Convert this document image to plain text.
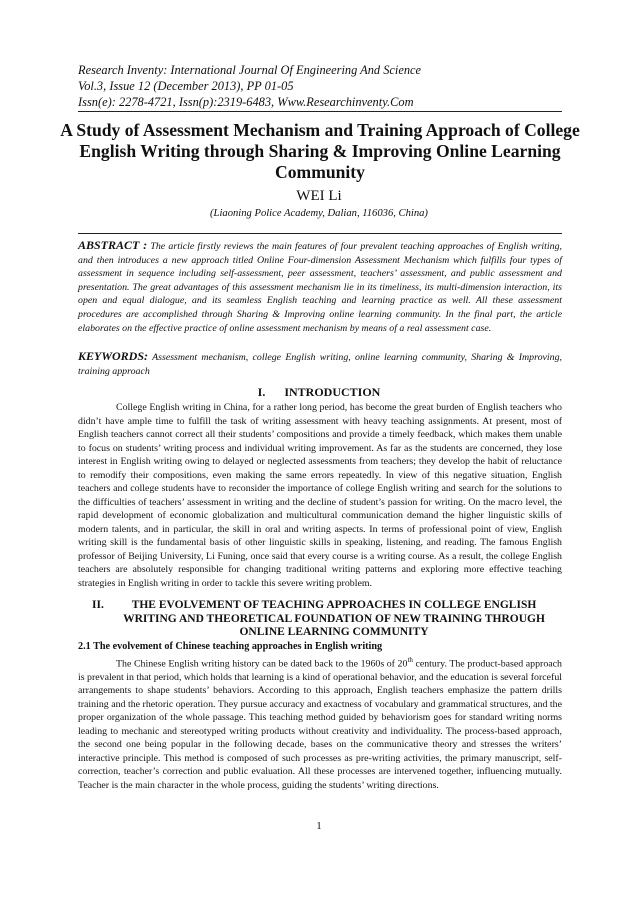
Research Inventy: International Journal Of Engineering And Science
Vol.3, Issue 12 (December 2013), PP 01-05
Issn(e): 2278-4721, Issn(p):2319-6483, Www.Researchinventy.Com
A Study of Assessment Mechanism and Training Approach of College English Writing through Sharing & Improving Online Learning Community
WEI Li
(Liaoning Police Academy, Dalian, 116036, China)
ABSTRACT : The article firstly reviews the main features of four prevalent teaching approaches of English writing, and then introduces a new approach titled Online Four-dimension Assessment Mechanism which fulfills four types of assessment in sequence including self-assessment, peer assessment, teachers’ assessment, and public assessment and presentation. The great advantages of this assessment mechanism lie in its timeliness, its multi-dimension interaction, its open and equal dialogue, and its seamless English teaching and learning practice as well. All these assessment procedures are accomplished through Sharing & Improving online learning community. In the final part, the article elaborates on the effective practice of online assessment mechanism by means of a real assessment case.
KEYWORDS: Assessment mechanism, college English writing, online learning community, Sharing & Improving, training approach
I. INTRODUCTION
College English writing in China, for a rather long period, has become the great burden of English teachers who didn’t have ample time to fulfill the task of writing assessment with heavy teaching assignments. At present, most of English teachers cannot correct all their students’ compositions and provide a timely feedback, which makes them unable to focus on students’ writing process and individual writing improvement. As far as the students are concerned, they lose interest in English writing owing to delayed or neglected assessments from teachers; they develop the habit of reluctance to remodify their compositions, even making the same errors repeatedly. In view of this negative situation, English teachers and college students have to reconsider the importance of college English writing and search for the solutions to the difficulties of teachers’ assessment in writing and the decline of student’s passion for writing. On the macro level, the rapid development of economic globalization and multicultural communication demand the higher linguistic skills of modern talents, and in particular, the skill in oral and writing aspects. In terms of professional point of view, English writing skill is the fundamental basis of other linguistic skills in speaking, listening, and reading. The famous English professor of Beijing University, Li Funing, once said that every course is a writing course. As a result, the college English teachers are absolutely responsible for changing traditional writing patterns and exploring more effective teaching strategies in English writing in order to tackle this severe writing problem.
II.	THE EVOLVEMENT OF TEACHING APPROACHES IN COLLEGE ENGLISH WRITING AND THEORETICAL FOUNDATION OF NEW TRAINING THROUGH ONLINE LEARNING COMMUNITY
2.1 The evolvement of Chinese teaching approaches in English writing
The Chinese English writing history can be dated back to the 1960s of 20th century. The product-based approach is prevalent in that period, which holds that learning is a kind of operational behavior, and the education is several forceful arrangements to shape students’ behaviors. According to this approach, English teachers emphasize the pattern drills training and the rhetoric operation. They pursue accuracy and exactness of vocabulary and grammatical structures, and the proper organization of the whole passage. This teaching method guided by behaviorism goes for standard writing norms leading to mechanic and stereotyped writing products without creativity and individuality. The process-based approach, the second one being popular in the following decade, bases on the communicative theory and stresses the writers’ interactive principle. This method is composed of such processes as pre-writing activities, the primary manuscript, self-correction, teacher’s correction and public evaluation. All these processes are intervened together, influencing mutually. Teacher is the main character in the whole process, guiding the students’ writing directions.
1
